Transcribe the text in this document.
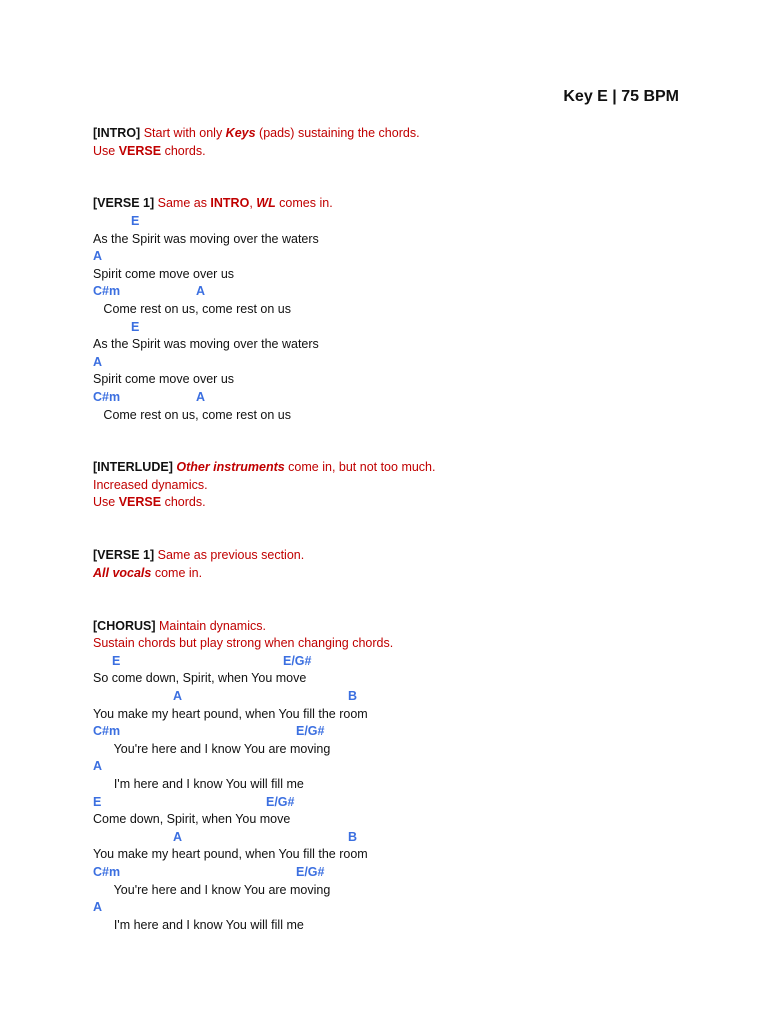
Key E | 75 BPM
[INTRO] Start with only Keys (pads) sustaining the chords.
Use VERSE chords.
[VERSE 1] Same as INTRO, WL comes in.
E
As the Spirit was moving over the waters
A
Spirit come move over us
C#m	A
Come rest on us, come rest on us
E
As the Spirit was moving over the waters
A
Spirit come move over us
C#m	A
Come rest on us, come rest on us
[INTERLUDE] Other instruments come in, but not too much.
Increased dynamics.
Use VERSE chords.
[VERSE 1] Same as previous section.
All vocals come in.
[CHORUS] Maintain dynamics.
Sustain chords but play strong when changing chords.
E	E/G#
So come down, Spirit, when You move
A	B
You make my heart pound, when You fill the room
C#m	E/G#
You're here and I know You are moving
A
I'm here and I know You will fill me
E	E/G#
Come down, Spirit, when You move
A	B
You make my heart pound, when You fill the room
C#m	E/G#
You're here and I know You are moving
A
I'm here and I know You will fill me
